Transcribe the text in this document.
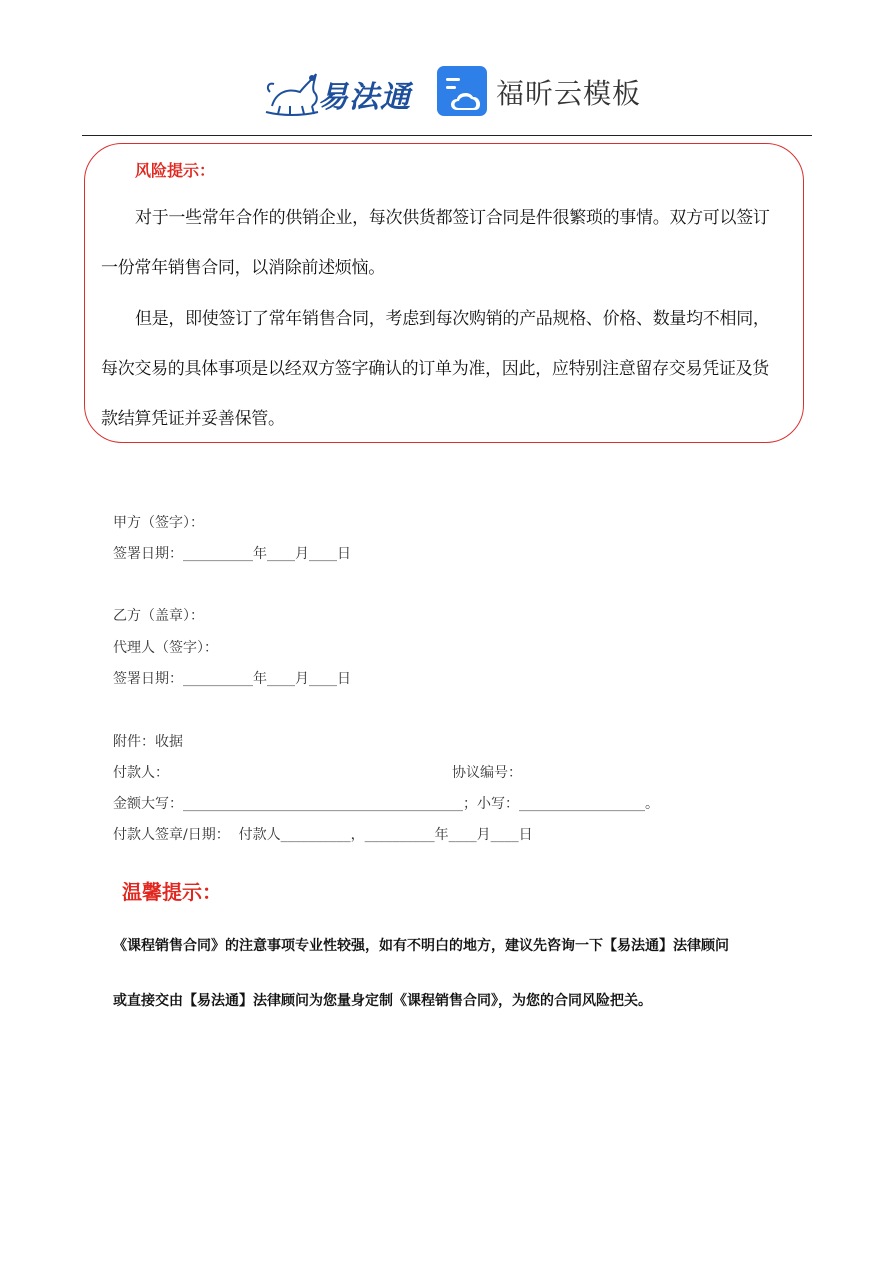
易法通	福昕云模板
风险提示：

对于一些常年合作的供销企业，每次供货都签订合同是件很繁琐的事情。双方可以签订一份常年销售合同，以消除前述烦恼。

但是，即使签订了常年销售合同，考虑到每次购销的产品规格、价格、数量均不相同，每次交易的具体事项是以经双方签字确认的订单为准，因此，应特别注意留存交易凭证及货款结算凭证并妥善保管。

甲方（签字）：
签署日期：__________年____月____日
乙方（盖章）：
代理人（签字）：
签署日期：__________年____月____日
附件：收据
付款人：	协议编号：
金额大写：________________________________________；小写：__________________。
付款人签章/日期：  付款人__________，__________年____月____日
温馨提示：

《课程销售合同》的注意事项专业性较强，如有不明白的地方，建议先咨询一下【易法通】法律顾问

或直接交由【易法通】法律顾问为您量身定制《课程销售合同》，为您的合同风险把关。
